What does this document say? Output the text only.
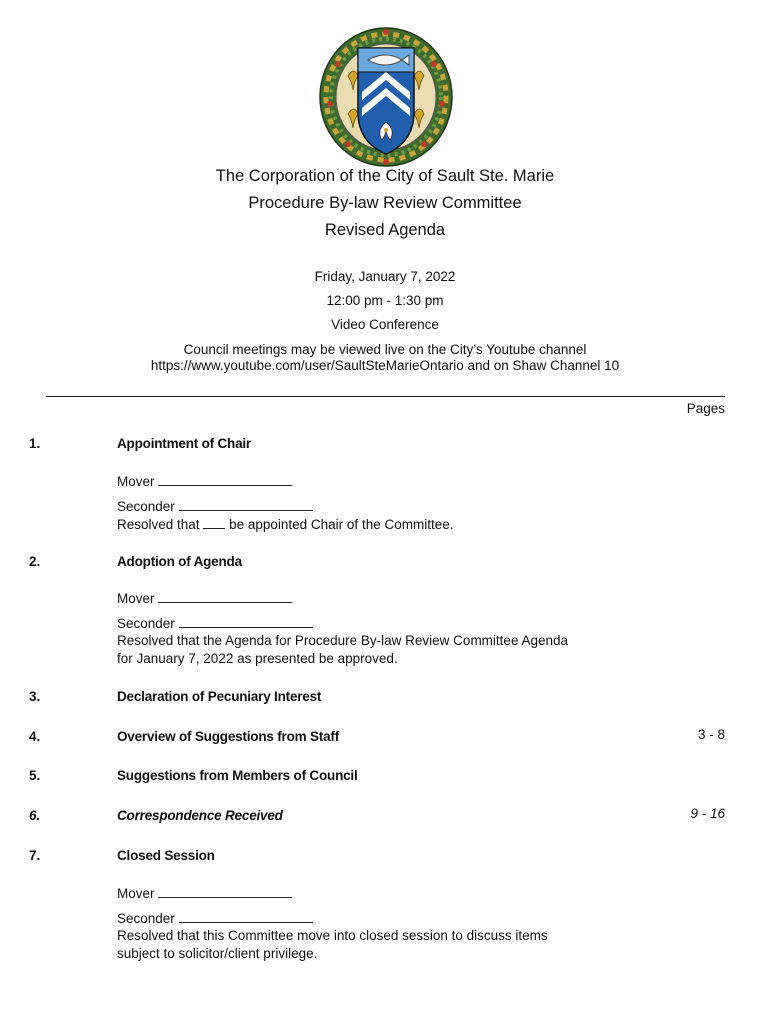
The Corporation of the City of Sault Ste. Marie
Procedure By-law Review Committee
Revised Agenda
Friday, January 7, 2022
12:00 pm - 1:30 pm
Video Conference
Council meetings may be viewed live on the City’s Youtube channel
https://www.youtube.com/user/SaultSteMarieOntario and on Shaw Channel 10
Pages
1.	Appointment of Chair
Mover
Seconder
Resolved that be appointed Chair of the Committee.
2.	Adoption of Agenda
Mover
Seconder
Resolved that the Agenda for Procedure By-law Review Committee Agenda
for January 7, 2022 as presented be approved.
3.	Declaration of Pecuniary Interest
4.	Overview of Suggestions from Staff	3 - 8
5.	Suggestions from Members of Council
6.	Correspondence Received	9 - 16
7.	Closed Session
Mover
Seconder
Resolved that this Committee move into closed session to discuss items
subject to solicitor/client privilege.
